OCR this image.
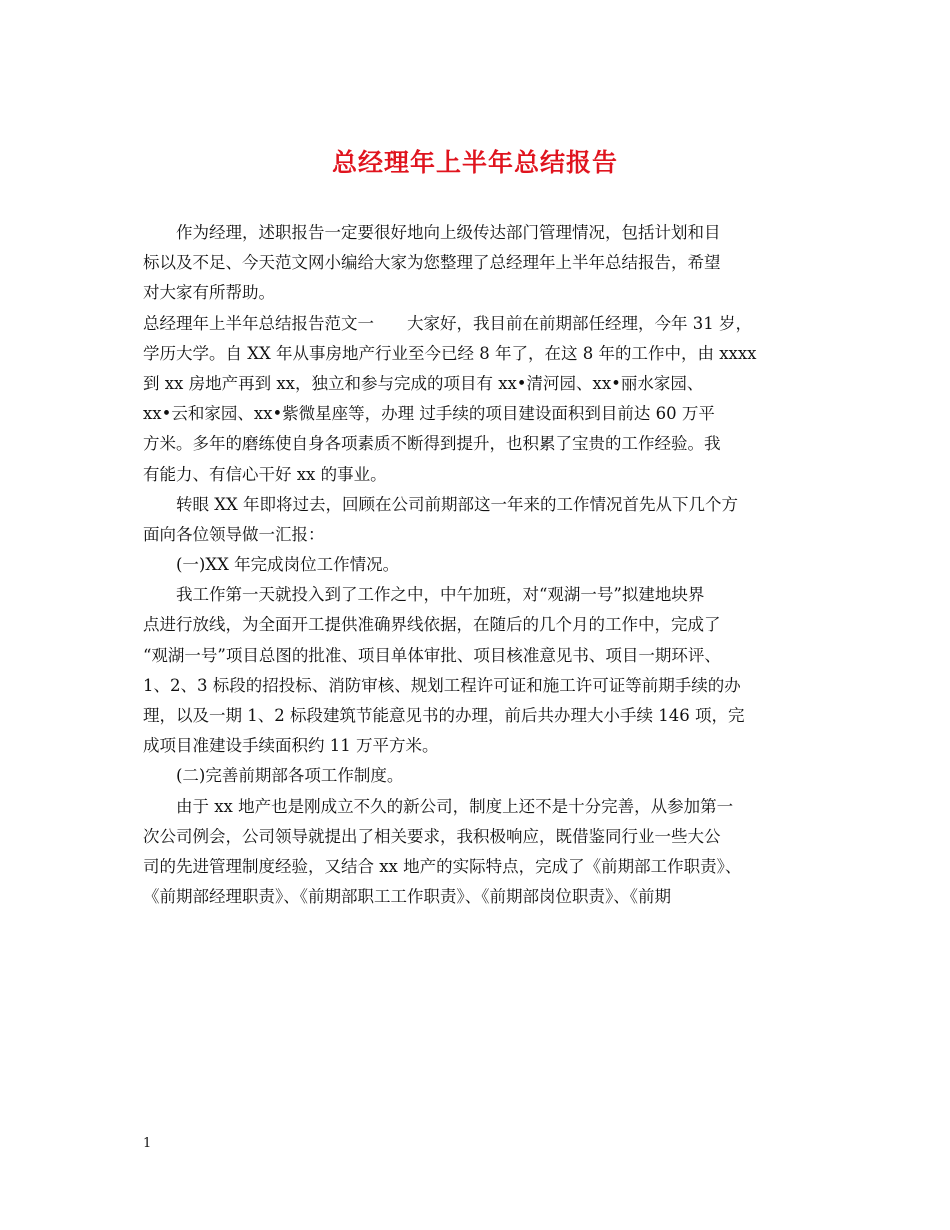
总经理年上半年总结报告
　　作为经理，述职报告一定要很好地向上级传达部门管理情况，包括计划和目
标以及不足、今天范文网小编给大家为您整理了总经理年上半年总结报告，希望
对大家有所帮助。
总经理年上半年总结报告范文一　　大家好，我目前在前期部任经理，今年 31 岁，
学历大学。自 XX 年从事房地产行业至今已经 8 年了，在这 8 年的工作中，由 xxxx
到 xx 房地产再到 xx，独立和参与完成的项目有 xx•清河园、xx•丽水家园、
xx•云和家园、xx•紫微星座等，办理 过手续的项目建设面积到目前达 60 万平
方米。多年的磨练使自身各项素质不断得到提升，也积累了宝贵的工作经验。我
有能力、有信心干好 xx 的事业。
　　转眼 XX 年即将过去，回顾在公司前期部这一年来的工作情况首先从下几个方
面向各位领导做一汇报：
　　(一)XX 年完成岗位工作情况。
　　我工作第一天就投入到了工作之中，中午加班，对“观湖一号”拟建地块界
点进行放线，为全面开工提供准确界线依据，在随后的几个月的工作中，完成了
“观湖一号”项目总图的批准、项目单体审批、项目核准意见书、项目一期环评、
1、2、3 标段的招投标、消防审核、规划工程许可证和施工许可证等前期手续的办
理，以及一期 1、2 标段建筑节能意见书的办理，前后共办理大小手续 146 项，完
成项目准建设手续面积约 11 万平方米。
　　(二)完善前期部各项工作制度。
　　由于 xx 地产也是刚成立不久的新公司，制度上还不是十分完善，从参加第一
次公司例会，公司领导就提出了相关要求，我积极响应，既借鉴同行业一些大公
司的先进管理制度经验，又结合 xx 地产的实际特点，完成了《前期部工作职责》、
《前期部经理职责》、《前期部职工工作职责》、《前期部岗位职责》、《前期
1
